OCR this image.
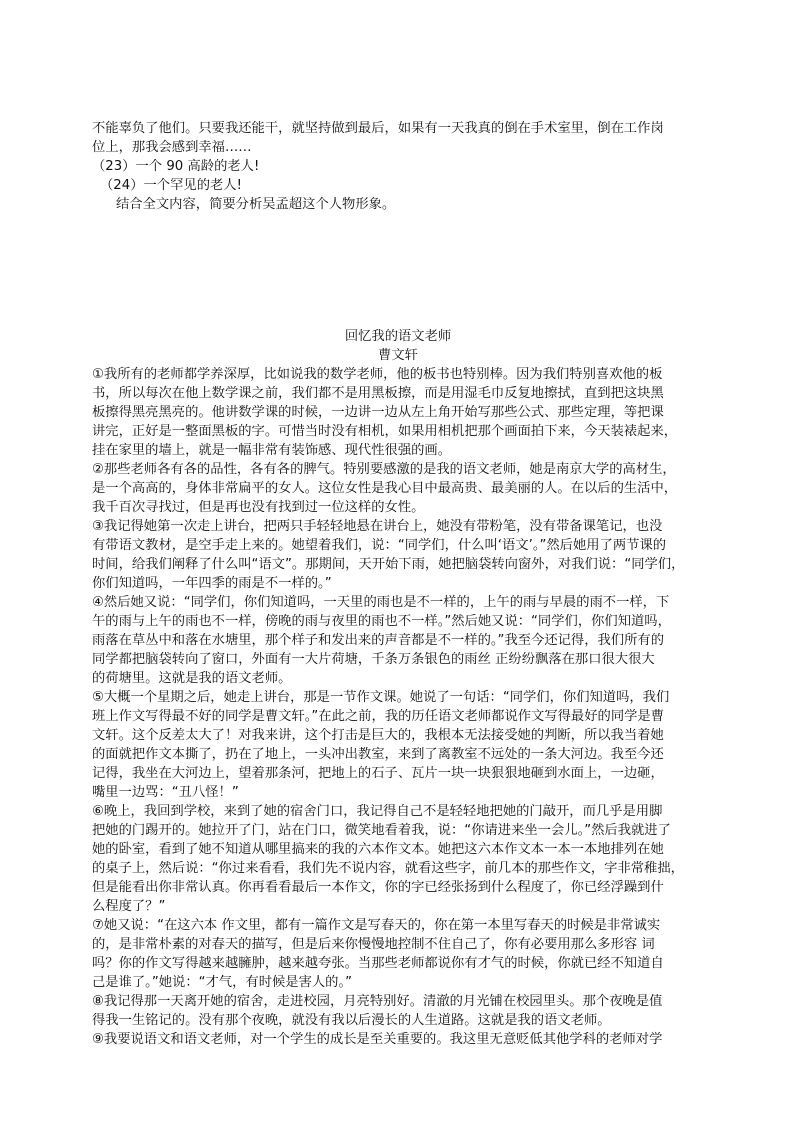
不能辜负了他们。只要我还能干，就坚持做到最后，如果有一天我真的倒在手术室里，倒在工作岗
位上，那我会感到幸福……
（23）一个 90 高龄的老人!
（24）一个罕见的老人!
结合全文内容，简要分析吴孟超这个人物形象。
回忆我的语文老师
曹文轩
①我所有的老师都学养深厚，比如说我的数学老师，他的板书也特别棒。因为我们特别喜欢他的板
书，所以每次在他上数学课之前，我们都不是用黑板擦，而是用湿毛巾反复地擦拭，直到把这块黑
板擦得黑亮黑亮的。他讲数学课的时候，一边讲一边从左上角开始写那些公式、那些定理，等把课
讲完，正好是一整面黑板的字。可惜当时没有相机，如果用相机把那个画面拍下来，今天装裱起来，
挂在家里的墙上，就是一幅非常有装饰感、现代性很强的画。
②那些老师各有各的品性，各有各的脾气。特别要感激的是我的语文老师，她是南京大学的高材生，
是一个高高的，身体非常扁平的女人。这位女性是我心目中最高贵、最美丽的人。在以后的生活中，
我千百次寻找过，但是再也没有找到过一位这样的女性。
③我记得她第一次走上讲台，把两只手轻轻地悬在讲台上，她没有带粉笔，没有带备课笔记，也没
有带语文教材，是空手走上来的。她望着我们，说：“同学们，什么叫‘语文’。”然后她用了两节课的
时间，给我们阐释了什么叫“语文”。那期间，天开始下雨，她把脑袋转向窗外，对我们说：“同学们，
你们知道吗，一年四季的雨是不一样的。”
④然后她又说：“同学们，你们知道吗，一天里的雨也是不一样的，上午的雨与早晨的雨不一样，下
午的雨与上午的雨也不一样，傍晚的雨与夜里的雨也不一样。”然后她又说：“同学们，你们知道吗，
雨落在草丛中和落在水塘里，那个样子和发出来的声音都是不一样的。”我至今还记得，我们所有的
同学都把脑袋转向了窗口，外面有一大片荷塘，千条万条银色的雨丝 正纷纷飘落在那口很大很大
的荷塘里。这就是我的语文老师。
⑤大概一个星期之后，她走上讲台，那是一节作文课。她说了一句话：“同学们，你们知道吗，我们
班上作文写得最不好的同学是曹文轩。”在此之前，我的历任语文老师都说作文写得最好的同学是曹
文轩。这个反差太大了！对我来讲，这个打击是巨大的，我根本无法接受她的判断，所以我当着她
的面就把作文本撕了，扔在了地上，一头冲出教室，来到了离教室不远处的一条大河边。我至今还
记得，我坐在大河边上，望着那条河，把地上的石子、瓦片一块一块狠狠地砸到水面上，一边砸，
嘴里一边骂：“丑八怪！”
⑥晚上，我回到学校，来到了她的宿舍门口，我记得自己不是轻轻地把她的门敲开，而几乎是用脚
把她的门踢开的。她拉开了门，站在门口，微笑地看着我，说：“你请进来坐一会儿。”然后我就进了
她的卧室，看到了她不知道从哪里搞来的我的六本作文本。她把这六本作文本一本一本地排列在她
的桌子上，然后说：“你过来看看，我们先不说内容，就看这些字，前几本的那些作文，字非常稚拙，
但是能看出你非常认真。你再看看最后一本作文，你的字已经张扬到什么程度了，你已经浮躁到什
么程度了？”
⑦她又说：“在这六本 作文里，都有一篇作文是写春天的，你在第一本里写春天的时候是非常诚实
的，是非常朴素的对春天的描写，但是后来你慢慢地控制不住自己了，你有必要用那么多形容 词
吗？你的作文写得越来越臃肿，越来越夸张。当那些老师都说你有才气的时候，你就已经不知道自
己是谁了。”她说：“才气，有时候是害人的。”
⑧我记得那一天离开她的宿舍，走进校园，月亮特别好。清澈的月光铺在校园里头。那个夜晚是值
得我一生铭记的。没有那个夜晚，就没有我以后漫长的人生道路。这就是我的语文老师。
⑨我要说语文和语文老师，对一个学生的成长是至关重要的。我这里无意贬低其他学科的老师对学
